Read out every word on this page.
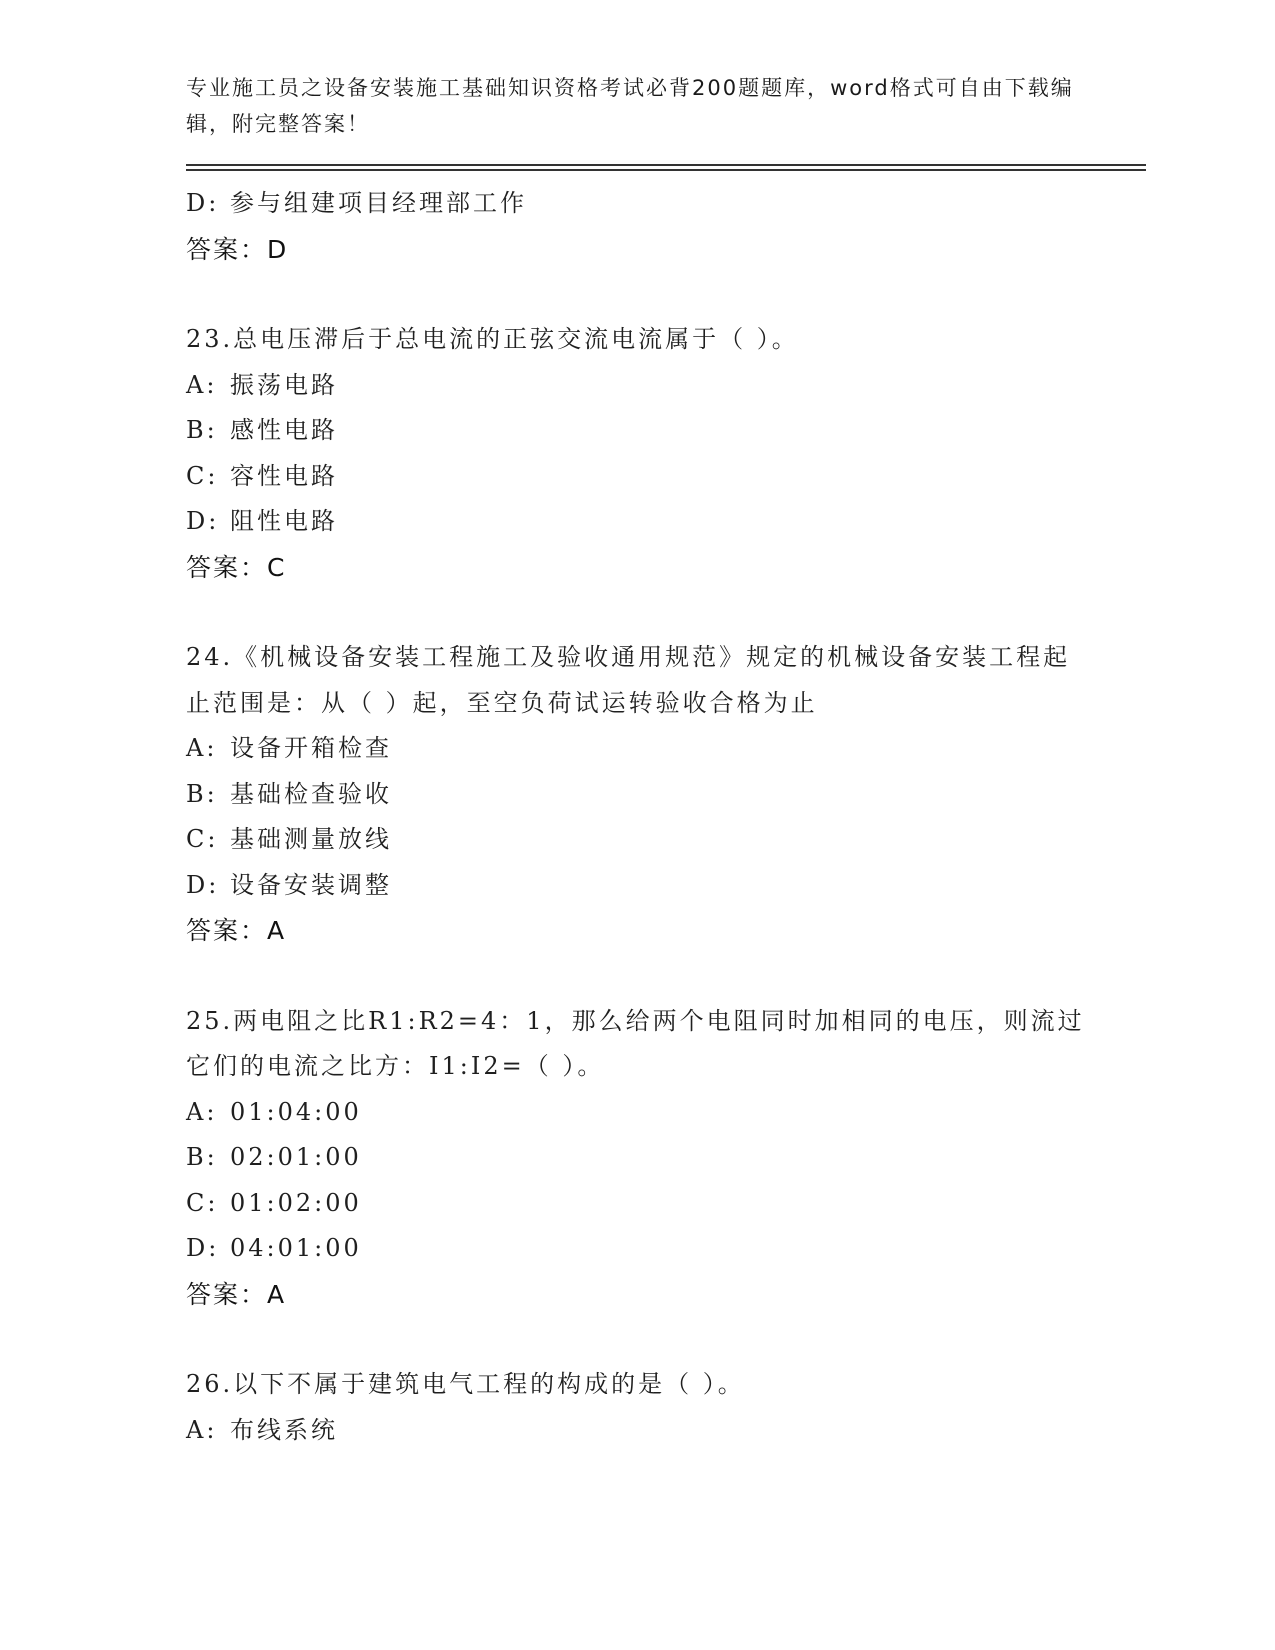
专业施工员之设备安装施工基础知识资格考试必背200题题库，word格式可自由下载编辑，附完整答案！

D: 参与组建项目经理部工作
答案：D
23.总电压滞后于总电流的正弦交流电流属于（ ）。
A: 振荡电路
B: 感性电路
C: 容性电路
D: 阻性电路
答案：C
24.《机械设备安装工程施工及验收通用规范》规定的机械设备安装工程起止范围是：从（ ）起，至空负荷试运转验收合格为止
A: 设备开箱检查
B: 基础检查验收
C: 基础测量放线
D: 设备安装调整
答案：A
25.两电阻之比R1:R2=4：1，那么给两个电阻同时加相同的电压，则流过它们的电流之比方：I1:I2=（ ）。
A: 01:04:00
B: 02:01:00
C: 01:02:00
D: 04:01:00
答案：A
26.以下不属于建筑电气工程的构成的是（ ）。
A: 布线系统
